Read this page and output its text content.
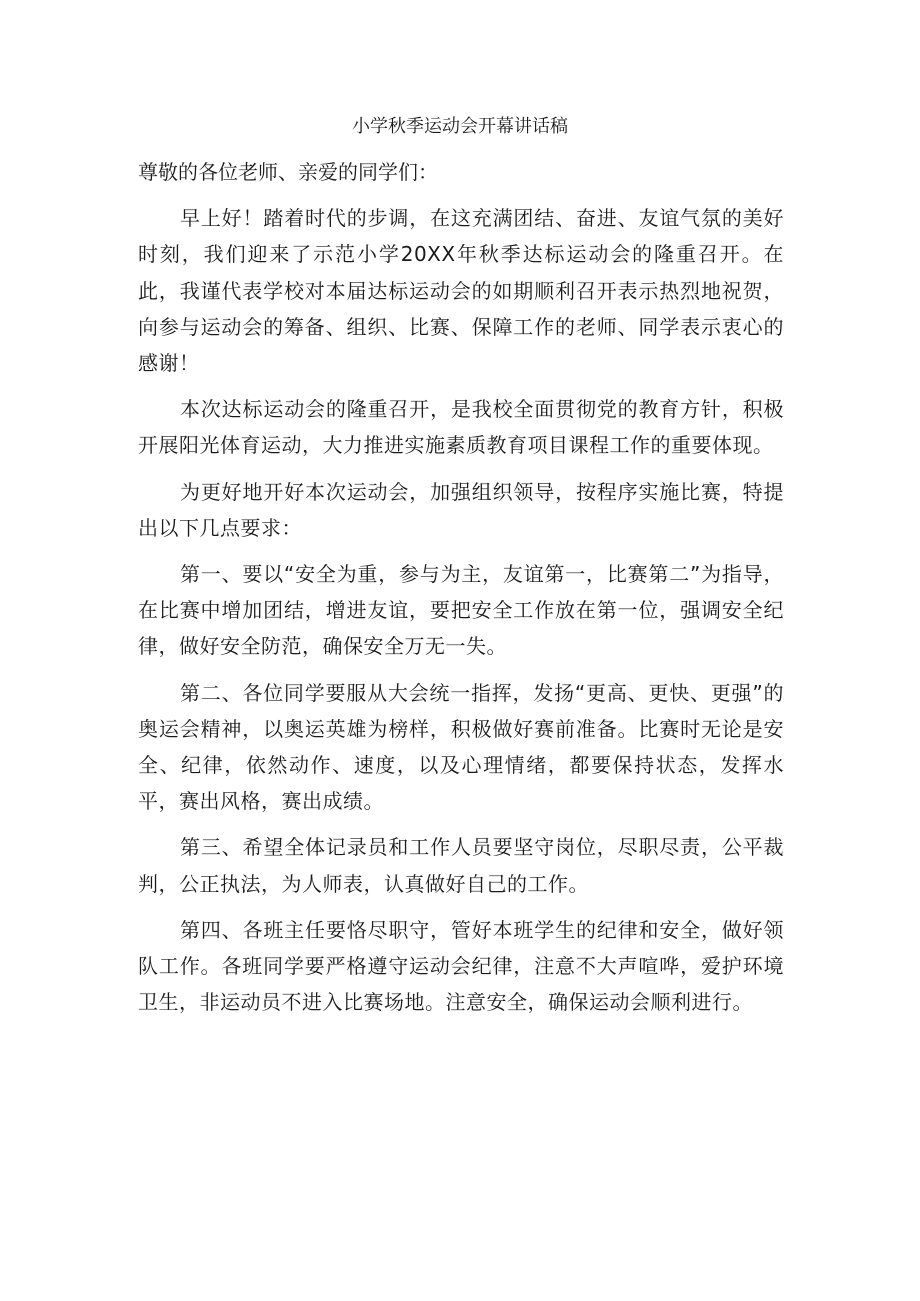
小学秋季运动会开幕讲话稿

尊敬的各位老师、亲爱的同学们：

早上好！踏着时代的步调，在这充满团结、奋进、友谊气氛的美好时刻，我们迎来了示范小学20XX年秋季达标运动会的隆重召开。在此，我谨代表学校对本届达标运动会的如期顺利召开表示热烈地祝贺，向参与运动会的筹备、组织、比赛、保障工作的老师、同学表示衷心的感谢！

本次达标运动会的隆重召开，是我校全面贯彻党的教育方针，积极开展阳光体育运动，大力推进实施素质教育项目课程工作的重要体现。

为更好地开好本次运动会，加强组织领导，按程序实施比赛，特提出以下几点要求：

第一、要以“安全为重，参与为主，友谊第一，比赛第二”为指导，在比赛中增加团结，增进友谊，要把安全工作放在第一位，强调安全纪律，做好安全防范，确保安全万无一失。

第二、各位同学要服从大会统一指挥，发扬“更高、更快、更强”的奥运会精神，以奥运英雄为榜样，积极做好赛前准备。比赛时无论是安全、纪律，依然动作、速度，以及心理情绪，都要保持状态，发挥水平，赛出风格，赛出成绩。

第三、希望全体记录员和工作人员要坚守岗位，尽职尽责，公平裁判，公正执法，为人师表，认真做好自己的工作。

第四、各班主任要恪尽职守，管好本班学生的纪律和安全，做好领队工作。各班同学要严格遵守运动会纪律，注意不大声喧哗，爱护环境卫生，非运动员不进入比赛场地。注意安全，确保运动会顺利进行。
